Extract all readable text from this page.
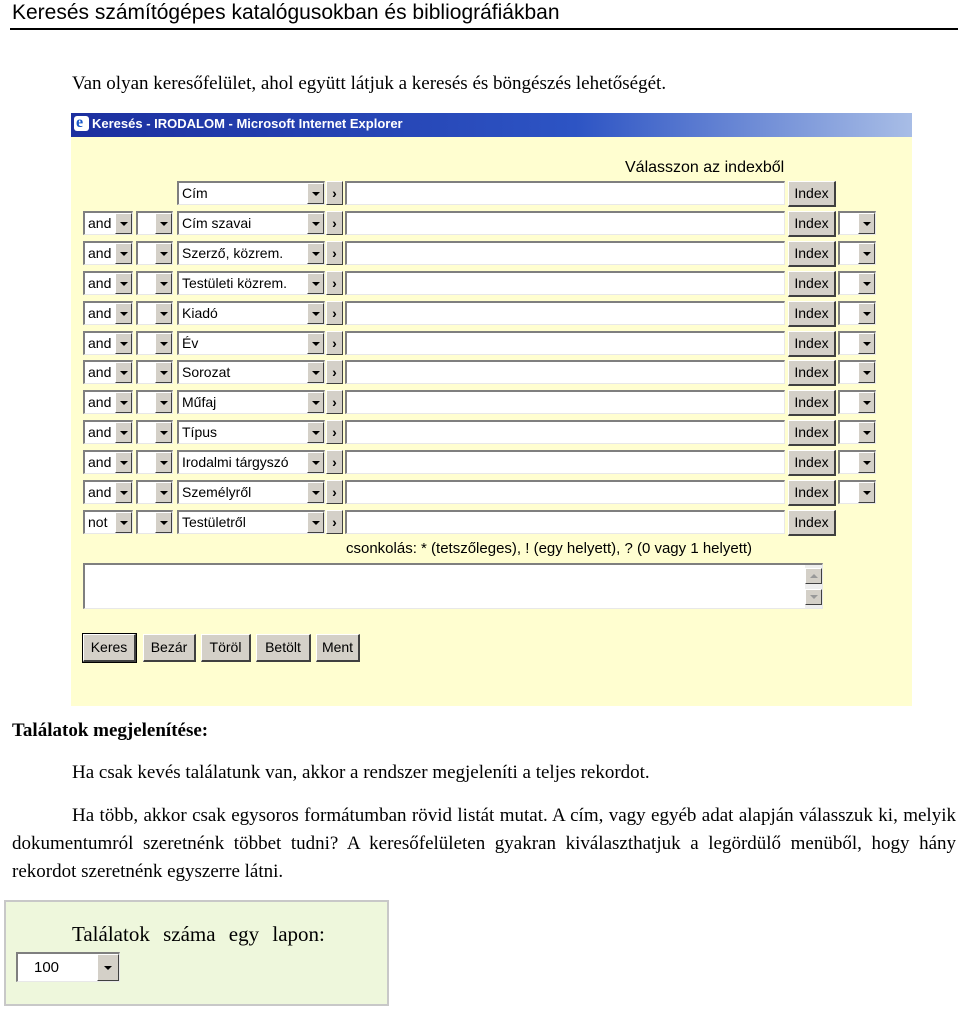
Keresés számítógépes katalógusokban és bibliográfiákban
Van olyan keresőfelület, ahol együtt látjuk a keresés és böngészés lehetőségét.
e Keresés - IRODALOM - Microsoft Internet Explorer
Válasszon az indexből
Cím	›	Index
and	Cím szavai	›	Index
and	Szerző, közrem.	›	Index
and	Testületi közrem.	›	Index
and	Kiadó	›	Index
and	Év	›	Index
and	Sorozat	›	Index
and	Műfaj	›	Index
and	Típus	›	Index
and	Irodalmi tárgyszó	›	Index
and	Személyről	›	Index
not	Testületről	›	Index
csonkolás: * (tetszőleges), ! (egy helyett), ? (0 vagy 1 helyett)
Keres	Bezár	Töröl	Betölt	Ment
Találatok megjelenítése:
Ha csak kevés találatunk van, akkor a rendszer megjeleníti a teljes rekordot.

Ha több, akkor csak egysoros formátumban rövid listát mutat. A cím, vagy egyéb adat alapján válasszuk ki, melyik dokumentumról szeretnénk többet tudni? A keresőfelületen gyakran kiválaszthatjuk a legördülő menüből, hogy hány rekordot szeretnénk egyszerre látni.

Találatok száma egy lapon:
100
